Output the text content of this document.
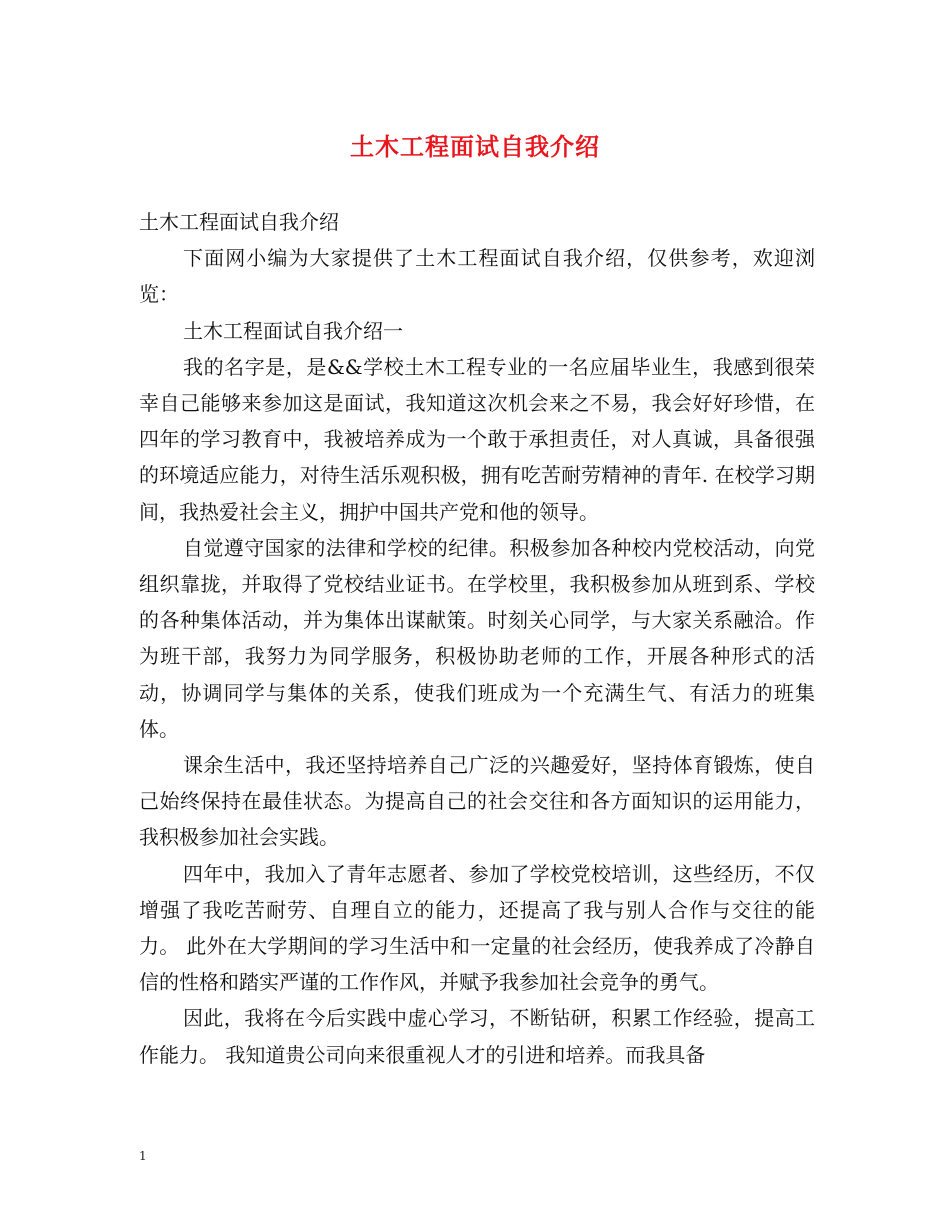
土木工程面试自我介绍

土木工程面试自我介绍

下面网小编为大家提供了土木工程面试自我介绍，仅供参考，欢迎浏览：

土木工程面试自我介绍一

我的名字是，是&&学校土木工程专业的一名应届毕业生，我感到很荣幸自己能够来参加这是面试，我知道这次机会来之不易，我会好好珍惜，在四年的学习教育中，我被培养成为一个敢于承担责任，对人真诚，具备很强的环境适应能力，对待生活乐观积极，拥有吃苦耐劳精神的青年. 在校学习期间，我热爱社会主义，拥护中国共产党和他的领导。

自觉遵守国家的法律和学校的纪律。积极参加各种校内党校活动，向党组织靠拢，并取得了党校结业证书。在学校里，我积极参加从班到系、学校的各种集体活动，并为集体出谋献策。时刻关心同学，与大家关系融洽。作为班干部，我努力为同学服务，积极协助老师的工作，开展各种形式的活动，协调同学与集体的关系，使我们班成为一个充满生气、有活力的班集体。

课余生活中，我还坚持培养自己广泛的兴趣爱好，坚持体育锻炼，使自己始终保持在最佳状态。为提高自己的社会交往和各方面知识的运用能力，我积极参加社会实践。

四年中，我加入了青年志愿者、参加了学校党校培训，这些经历，不仅增强了我吃苦耐劳、自理自立的能力，还提高了我与别人合作与交往的能力。 此外在大学期间的学习生活中和一定量的社会经历，使我养成了冷静自信的性格和踏实严谨的工作作风，并赋予我参加社会竞争的勇气。

因此，我将在今后实践中虚心学习，不断钻研，积累工作经验，提高工作能力。 我知道贵公司向来很重视人才的引进和培养。而我具备

1
